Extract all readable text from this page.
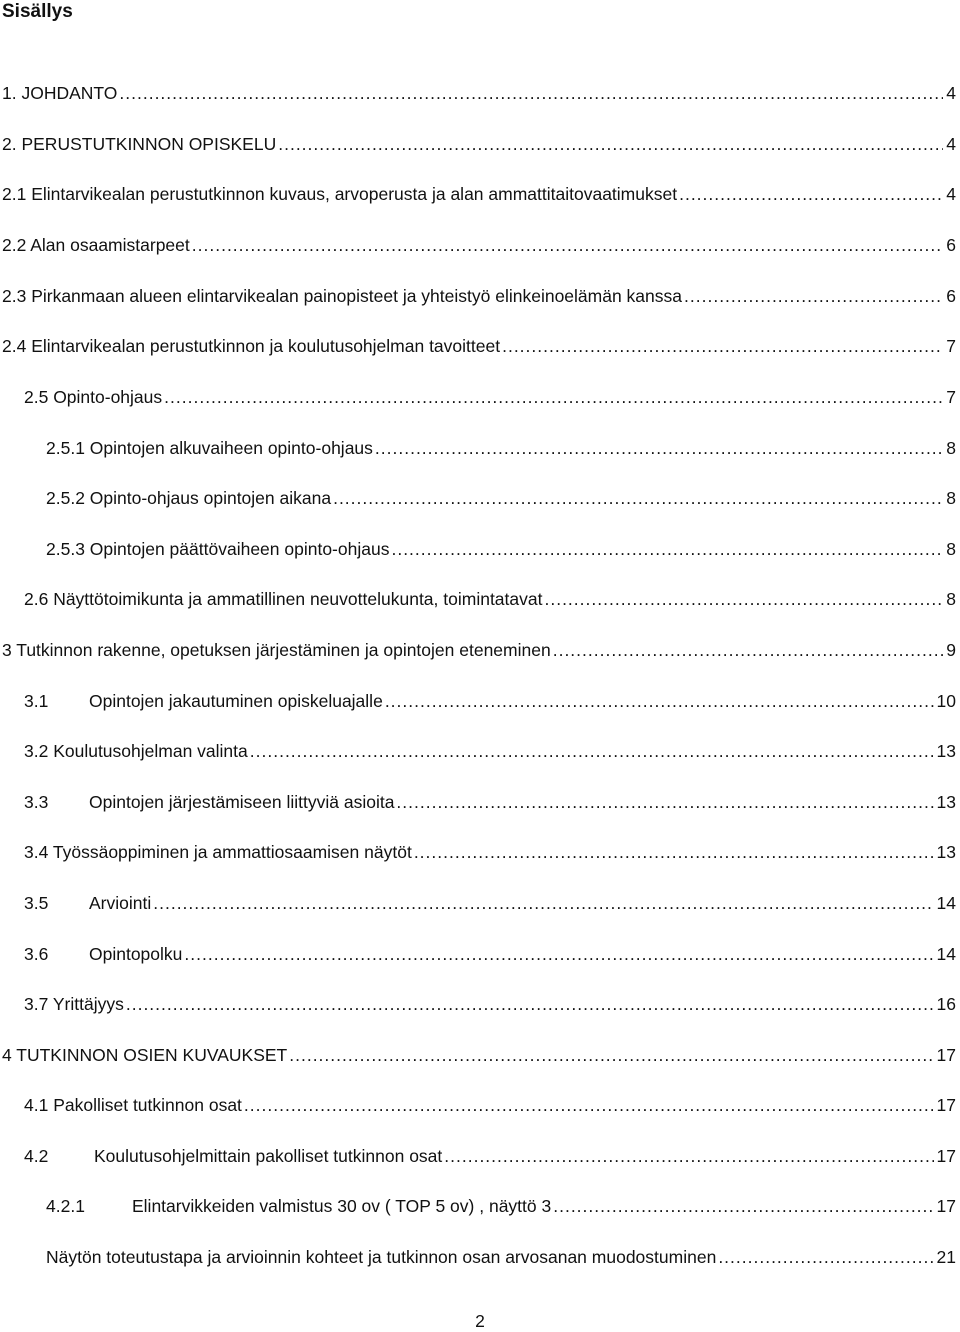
Sisällys
1. JOHDANTO .....	4
2. PERUSTUTKINNON OPISKELU .....	4
2.1 Elintarvikealan perustutkinnon kuvaus, arvoperusta ja alan ammattitaitovaatimukset .....	4
2.2 Alan osaamistarpeet .....	6
2.3 Pirkanmaan alueen elintarvikealan painopisteet ja yhteistyö elinkeinoelämän kanssa .....	6
2.4 Elintarvikealan perustutkinnon ja koulutusohjelman tavoitteet .....	7
2.5 Opinto-ohjaus .....	7
2.5.1 Opintojen alkuvaiheen opinto-ohjaus .....	8
2.5.2 Opinto-ohjaus opintojen aikana .....	8
2.5.3 Opintojen päättövaiheen opinto-ohjaus .....	8
2.6 Näyttötoimikunta ja ammatillinen neuvottelukunta, toimintatavat .....	8
3 Tutkinnon rakenne, opetuksen järjestäminen ja opintojen eteneminen .....	9
3.1	Opintojen jakautuminen opiskeluajalle .....	10
3.2 Koulutusohjelman valinta .....	13
3.3	Opintojen järjestämiseen liittyviä asioita .....	13
3.4 Työssäoppiminen ja ammattiosaamisen näytöt .....	13
3.5	Arviointi .....	14
3.6	Opintopolku .....	14
3.7 Yrittäjyys .....	16
4 TUTKINNON OSIEN KUVAUKSET .....	17
4.1 Pakolliset tutkinnon osat .....	17
4.2	Koulutusohjelmittain pakolliset tutkinnon osat .....	17
4.2.1	Elintarvikkeiden valmistus 30 ov ( TOP 5 ov) , näyttö 3 .....	17
Näytön toteutustapa ja arvioinnin kohteet ja tutkinnon osan arvosanan muodostuminen .....	21
2
